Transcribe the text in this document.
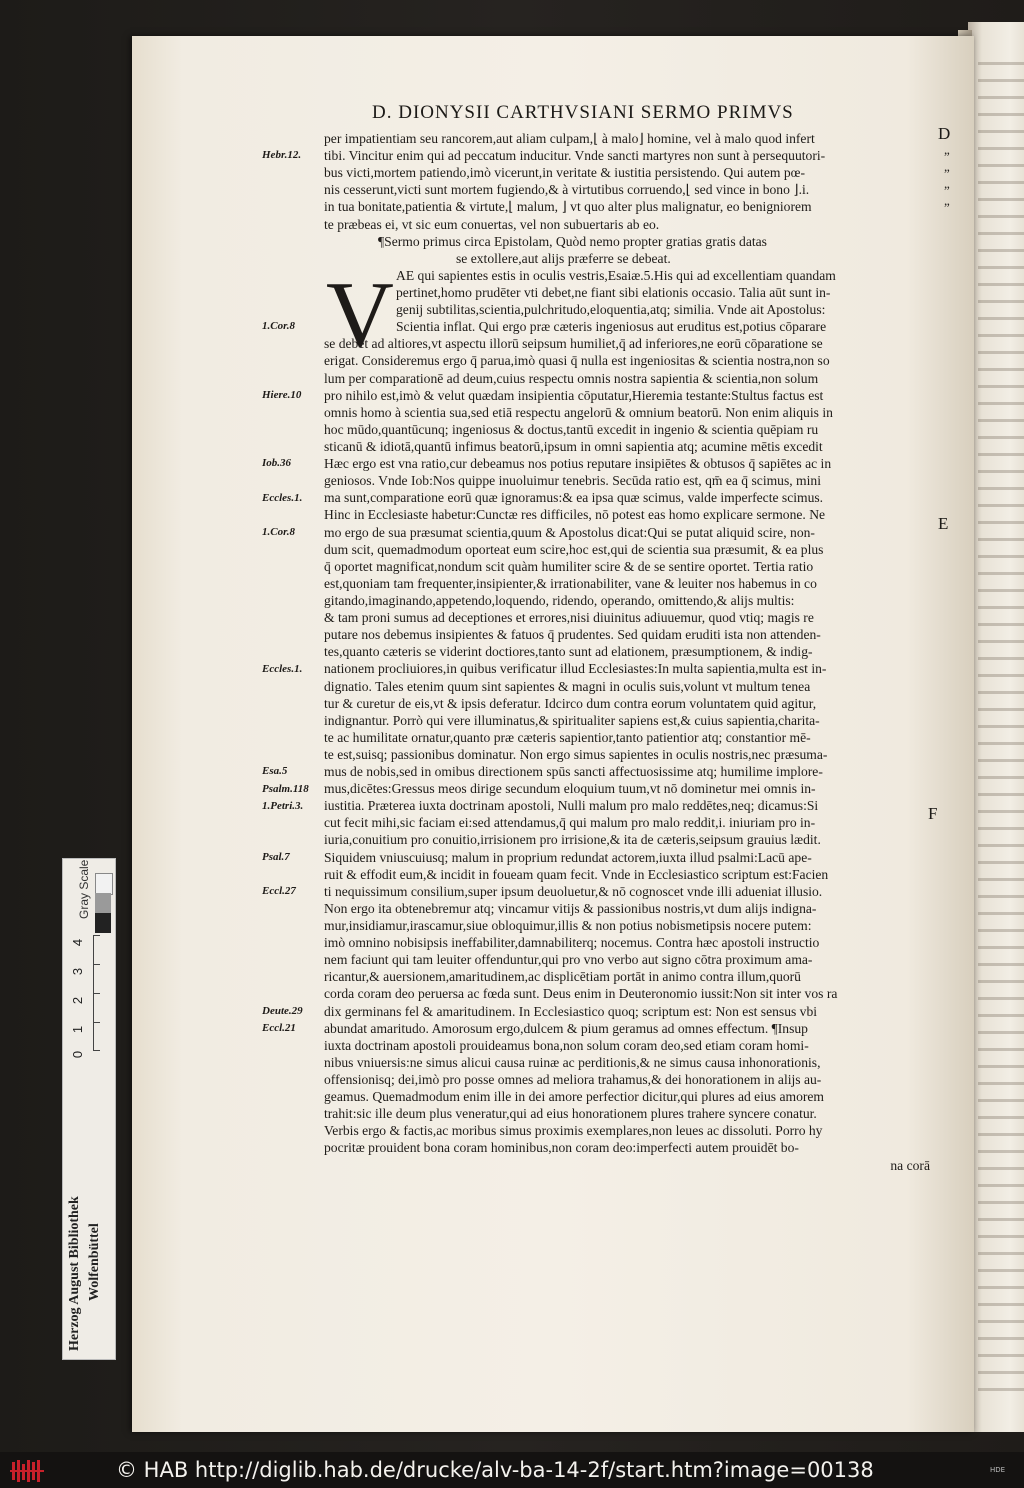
D. DIONYSII CARTHVSIANI SERMO PRIMVS
D
E
F
V
per impatientiam seu rancorem,aut aliam culpam,⌊ à malo⌋ homine, vel à malo quod infert
tibi. Vincitur enim qui ad peccatum inducitur. Vnde sancti martyres non sunt à persequutori-
bus victi,mortem patiendo,imò vicerunt,in veritate & iustitia persistendo. Qui autem pœ-
nis cesserunt,victi sunt mortem fugiendo,& à virtutibus corruendo,⌊ sed vince in bono ⌋.i.
in tua bonitate,patientia & virtute,⌊ malum, ⌋ vt quo alter plus malignatur, eo benigniorem
te præbeas ei, vt sic eum conuertas, vel non subuertaris ab eo.
¶Sermo primus circa Epistolam, Quòd nemo propter gratias gratis datas
se extollere,aut alijs præferre se debeat.
AE qui sapientes estis in oculis vestris,Esaiæ.5.His qui ad excellentiam quandam
pertinet,homo prudēter vti debet,ne fiant sibi elationis occasio. Talia aūt sunt in-
genij subtilitas,scientia,pulchritudo,eloquentia,atq; similia. Vnde ait Apostolus:
Scientia inflat. Qui ergo præ cæteris ingeniosus aut eruditus est,potius cōparare
se debet ad altiores,vt aspectu illorū seipsum humiliet,q̄ ad inferiores,ne eorū cōparatione se
erigat. Consideremus ergo q̄ parua,imò quasi q̄ nulla est ingeniositas & scientia nostra,non so
lum per comparationē ad deum,cuius respectu omnis nostra sapientia & scientia,non solum
pro nihilo est,imò & velut quædam insipientia cōputatur,Hieremia testante:Stultus factus est
omnis homo à scientia sua,sed etiā respectu angelorū & omnium beatorū. Non enim aliquis in
hoc mūdo,quantūcunq; ingeniosus & doctus,tantū excedit in ingenio & scientia quēpiam ru
sticanū & idiotā,quantū infimus beatorū,ipsum in omni sapientia atq; acumine mētis excedit
Hæc ergo est vna ratio,cur debeamus nos potius reputare insipiētes & obtusos q̄ sapiētes ac in
geniosos. Vnde Iob:Nos quippe inuoluimur tenebris. Secūda ratio est, qm̄ ea q̄ scimus, mini
ma sunt,comparatione eorū quæ ignoramus:& ea ipsa quæ scimus, valde imperfecte scimus.
Hinc in Ecclesiaste habetur:Cunctæ res difficiles, nō potest eas homo explicare sermone. Ne
mo ergo de sua præsumat scientia,quum & Apostolus dicat:Qui se putat aliquid scire, non-
dum scit, quemadmodum oporteat eum scire,hoc est,qui de scientia sua præsumit, & ea plus
q̄ oportet magnificat,nondum scit quàm humiliter scire & de se sentire oportet. Tertia ratio
est,quoniam tam frequenter,insipienter,& irrationabiliter, vane & leuiter nos habemus in co
gitando,imaginando,appetendo,loquendo, ridendo, operando, omittendo,& alijs multis:
& tam proni sumus ad deceptiones et errores,nisi diuinitus adiuuemur, quod vtiq; magis re
putare nos debemus insipientes & fatuos q̄ prudentes. Sed quidam eruditi ista non attenden-
tes,quanto cæteris se viderint doctiores,tanto sunt ad elationem, præsumptionem, & indig-
nationem procliuiores,in quibus verificatur illud Ecclesiastes:In multa sapientia,multa est in-
dignatio. Tales etenim quum sint sapientes & magni in oculis suis,volunt vt multum tenea
tur & curetur de eis,vt & ipsis deferatur. Idcirco dum contra eorum voluntatem quid agitur,
indignantur. Porrò qui vere illuminatus,& spiritualiter sapiens est,& cuius sapientia,charita-
te ac humilitate ornatur,quanto præ cæteris sapientior,tanto patientior atq; constantior mē-
te est,suisq; passionibus dominatur. Non ergo simus sapientes in oculis nostris,nec præsuma-
mus de nobis,sed in omibus directionem spūs sancti affectuosissime atq; humilime implore-
mus,dicētes:Gressus meos dirige secundum eloquium tuum,vt nō dominetur mei omnis in-
iustitia. Præterea iuxta doctrinam apostoli, Nulli malum pro malo reddētes,neq; dicamus:Si
cut fecit mihi,sic faciam ei:sed attendamus,q̄ qui malum pro malo reddit,i. iniuriam pro in-
iuria,conuitium pro conuitio,irrisionem pro irrisione,& ita de cæteris,seipsum grauius lædit.
Siquidem vniuscuiusq; malum in proprium redundat actorem,iuxta illud psalmi:Lacū ape-
ruit & effodit eum,& incidit in foueam quam fecit. Vnde in Ecclesiastico scriptum est:Facien
ti nequissimum consilium,super ipsum deuoluetur,& nō cognoscet vnde illi adueniat illusio.
Non ergo ita obtenebremur atq; vincamur vitijs & passionibus nostris,vt dum alijs indigna-
mur,insidiamur,irascamur,siue obloquimur,illis & non potius nobismetipsis nocere putem:
imò omnino nobisipsis ineffabiliter,damnabiliterq; nocemus. Contra hæc apostoli instructio
nem faciunt qui tam leuiter offenduntur,qui pro vno verbo aut signo cōtra proximum ama-
ricantur,& auersionem,amaritudinem,ac displicētiam portāt in animo contra illum,quorū
corda coram deo peruersa ac fœda sunt. Deus enim in Deuteronomio iussit:Non sit inter vos ra
dix germinans fel & amaritudinem. In Ecclesiastico quoq; scriptum est: Non est sensus vbi
abundat amaritudo. Amorosum ergo,dulcem & pium geramus ad omnes effectum. ¶Insup
iuxta doctrinam apostoli prouideamus bona,non solum coram deo,sed etiam coram homi-
nibus vniuersis:ne simus alicui causa ruinæ ac perditionis,& ne simus causa inhonorationis,
offensionisq; dei,imò pro posse omnes ad meliora trahamus,& dei honorationem in alijs au-
geamus. Quemadmodum enim ille in dei amore perfectior dicitur,qui plures ad eius amorem
trahit:sic ille deum plus veneratur,qui ad eius honorationem plures trahere syncere conatur.
Verbis ergo & factis,ac moribus simus proximis exemplares,non leues ac dissoluti. Porro hy
pocritæ prouident bona coram hominibus,non coram deo:imperfecti autem prouidēt bo-
na corā
Hebr.12.
1.Cor.8
Hiere.10
Iob.36
Eccles.1.
1.Cor.8
Eccles.1.
Esa.5
Psalm.118
1.Petri.3.
Psal.7
Eccl.27
Deute.29
Eccl.21
”
”
”
”
Herzog August Bibliothek Wolfenbüttel
Gray Scale
4
3
2
1
0
© HAB http://diglib.hab.de/drucke/alv-ba-14-2f/start.htm?image=00138	HDE
